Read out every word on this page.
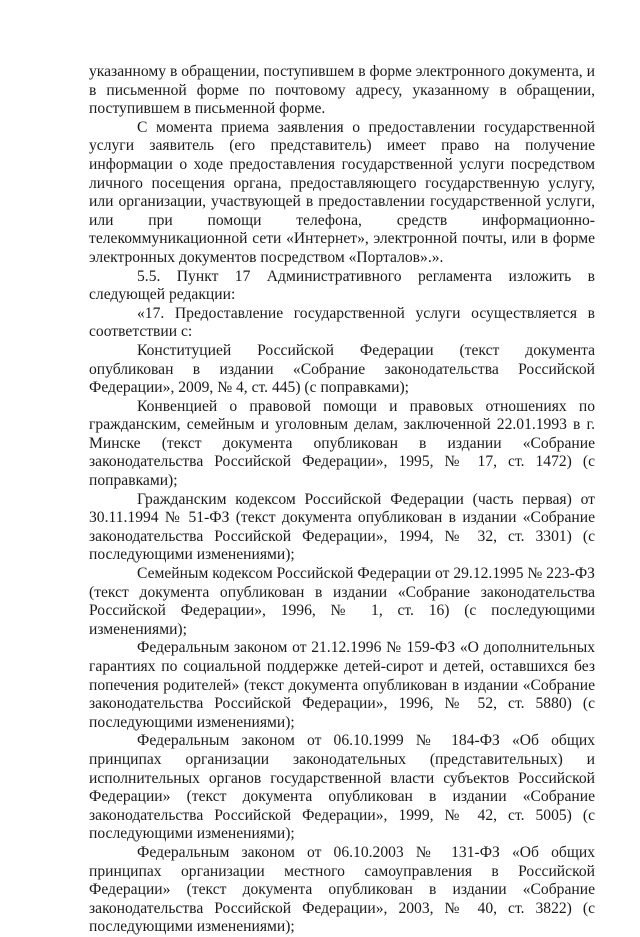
указанному в обращении, поступившем в форме электронного документа, и в письменной форме по почтовому адресу, указанному в обращении, поступившем в письменной форме.

С момента приема заявления о предоставлении государственной услуги заявитель (его представитель) имеет право на получение информации о ходе предоставления государственной услуги посредством личного посещения органа, предоставляющего государственную услугу, или организации, участвующей в предоставлении государственной услуги, или при помощи телефона, средств информационно-телекоммуникационной сети «Интернет», электронной почты, или в форме электронных документов посредством «Порталов».».

5.5. Пункт 17 Административного регламента изложить в следующей редакции:

«17. Предоставление государственной услуги осуществляется в соответствии с:

Конституцией Российской Федерации (текст документа опубликован в издании «Собрание законодательства Российской Федерации», 2009, № 4, ст. 445) (с поправками);

Конвенцией о правовой помощи и правовых отношениях по гражданским, семейным и уголовным делам, заключенной 22.01.1993 в г. Минске (текст документа опубликован в издании «Собрание законодательства Российской Федерации», 1995, № 17, ст. 1472) (с поправками);

Гражданским кодексом Российской Федерации (часть первая) от 30.11.1994 № 51-ФЗ (текст документа опубликован в издании «Собрание законодательства Российской Федерации», 1994, № 32, ст. 3301) (с последующими изменениями);

Семейным кодексом Российской Федерации от 29.12.1995 № 223-ФЗ (текст документа опубликован в издании «Собрание законодательства Российской Федерации», 1996, № 1, ст. 16) (с последующими изменениями);

Федеральным законом от 21.12.1996 № 159-ФЗ «О дополнительных гарантиях по социальной поддержке детей-сирот и детей, оставшихся без попечения родителей» (текст документа опубликован в издании «Собрание законодательства Российской Федерации», 1996, № 52, ст. 5880) (с последующими изменениями);

Федеральным законом от 06.10.1999 № 184-ФЗ «Об общих принципах организации законодательных (представительных) и исполнительных органов государственной власти субъектов Российской Федерации» (текст документа опубликован в издании «Собрание законодательства Российской Федерации», 1999, № 42, ст. 5005) (с последующими изменениями);

Федеральным законом от 06.10.2003 № 131-ФЗ «Об общих принципах организации местного самоуправления в Российской Федерации» (текст документа опубликован в издании «Собрание законодательства Российской Федерации», 2003, № 40, ст. 3822) (с последующими изменениями);
